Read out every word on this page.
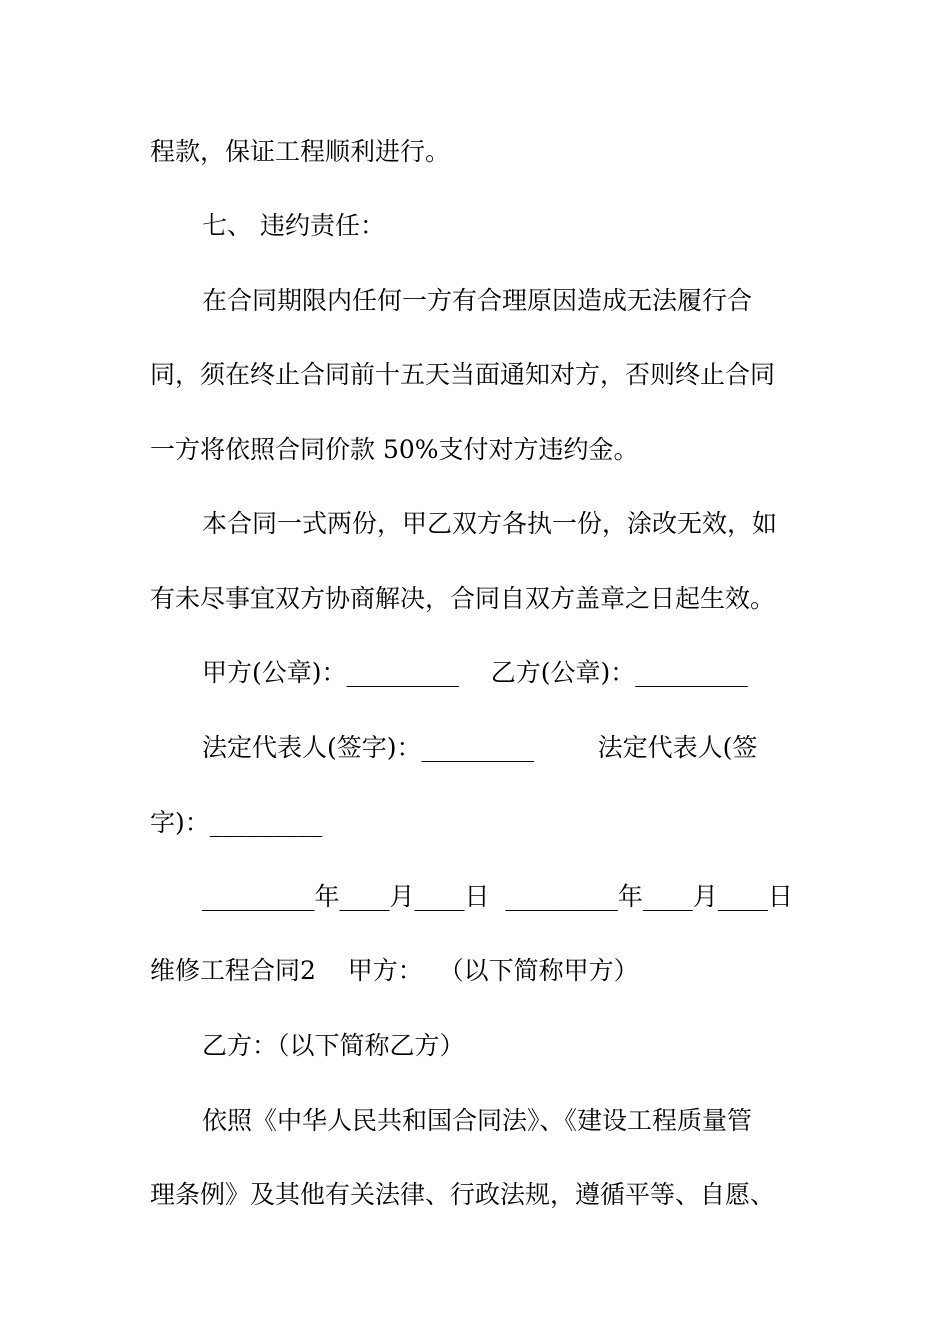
程款，保证工程顺利进行。
七、 违约责任：
在合同期限内任何一方有合理原因造成无法履行合
同，须在终止合同前十五天当面通知对方，否则终止合同
一方将依照合同价款 50%支付对方违约金。
本合同一式两份，甲乙双方各执一份，涂改无效，如
有未尽事宜双方协商解决，合同自双方盖章之日起生效。
甲方(公章)：_________    乙方(公章)：_________
法定代表人(签字)：_________        法定代表人(签
字)：_________
_________年____月____日  _________年____月____日
维修工程合同2    甲方：  （以下简称甲方）
乙方：（以下简称乙方）
依照《中华人民共和国合同法》、《建设工程质量管
理条例》及其他有关法律、行政法规，遵循平等、自愿、
